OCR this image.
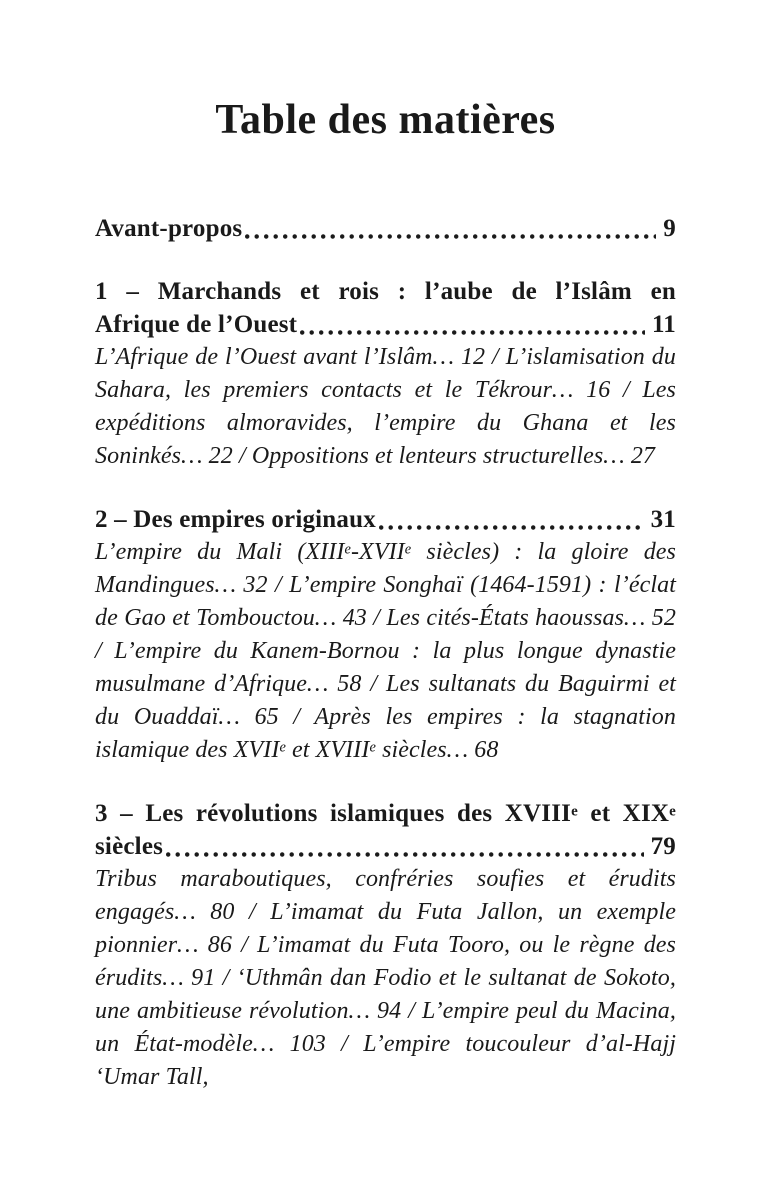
Table des matières
Avant-propos	9
1 – Marchands et rois : l’aube de l’Islâm en
Afrique de l’Ouest	11

L’Afrique de l’Ouest avant l’Islâm… 12 / L’islamisation du Sahara, les premiers contacts et le Tékrour… 16 / Les expéditions almoravides, l’empire du Ghana et les Soninkés… 22 / Oppositions et lenteurs structurelles… 27

2 – Des empires originaux	31

L’empire du Mali (XIIIe-XVIIe siècles) : la gloire des Mandingues… 32 / L’empire Songhaï (1464-1591) : l’éclat de Gao et Tombouctou… 43 / Les cités-États haoussas… 52 / L’empire du Kanem-Bornou : la plus longue dynastie musulmane d’Afrique… 58 / Les sultanats du Baguirmi et du Ouaddaï… 65 / Après les empires : la stagnation islamique des XVIIe et XVIIIe siècles… 68

3 – Les révolutions islamiques des XVIIIe et XIXe
siècles	79

Tribus maraboutiques, confréries soufies et érudits engagés… 80 / L’imamat du Futa Jallon, un exemple pionnier… 86 / L’imamat du Futa Tooro, ou le règne des érudits… 91 / ‘Uthmân dan Fodio et le sultanat de Sokoto, une ambitieuse révolution… 94 / L’empire peul du Macina, un État-modèle… 103 / L’empire toucouleur d’al-Hajj ‘Umar Tall,
